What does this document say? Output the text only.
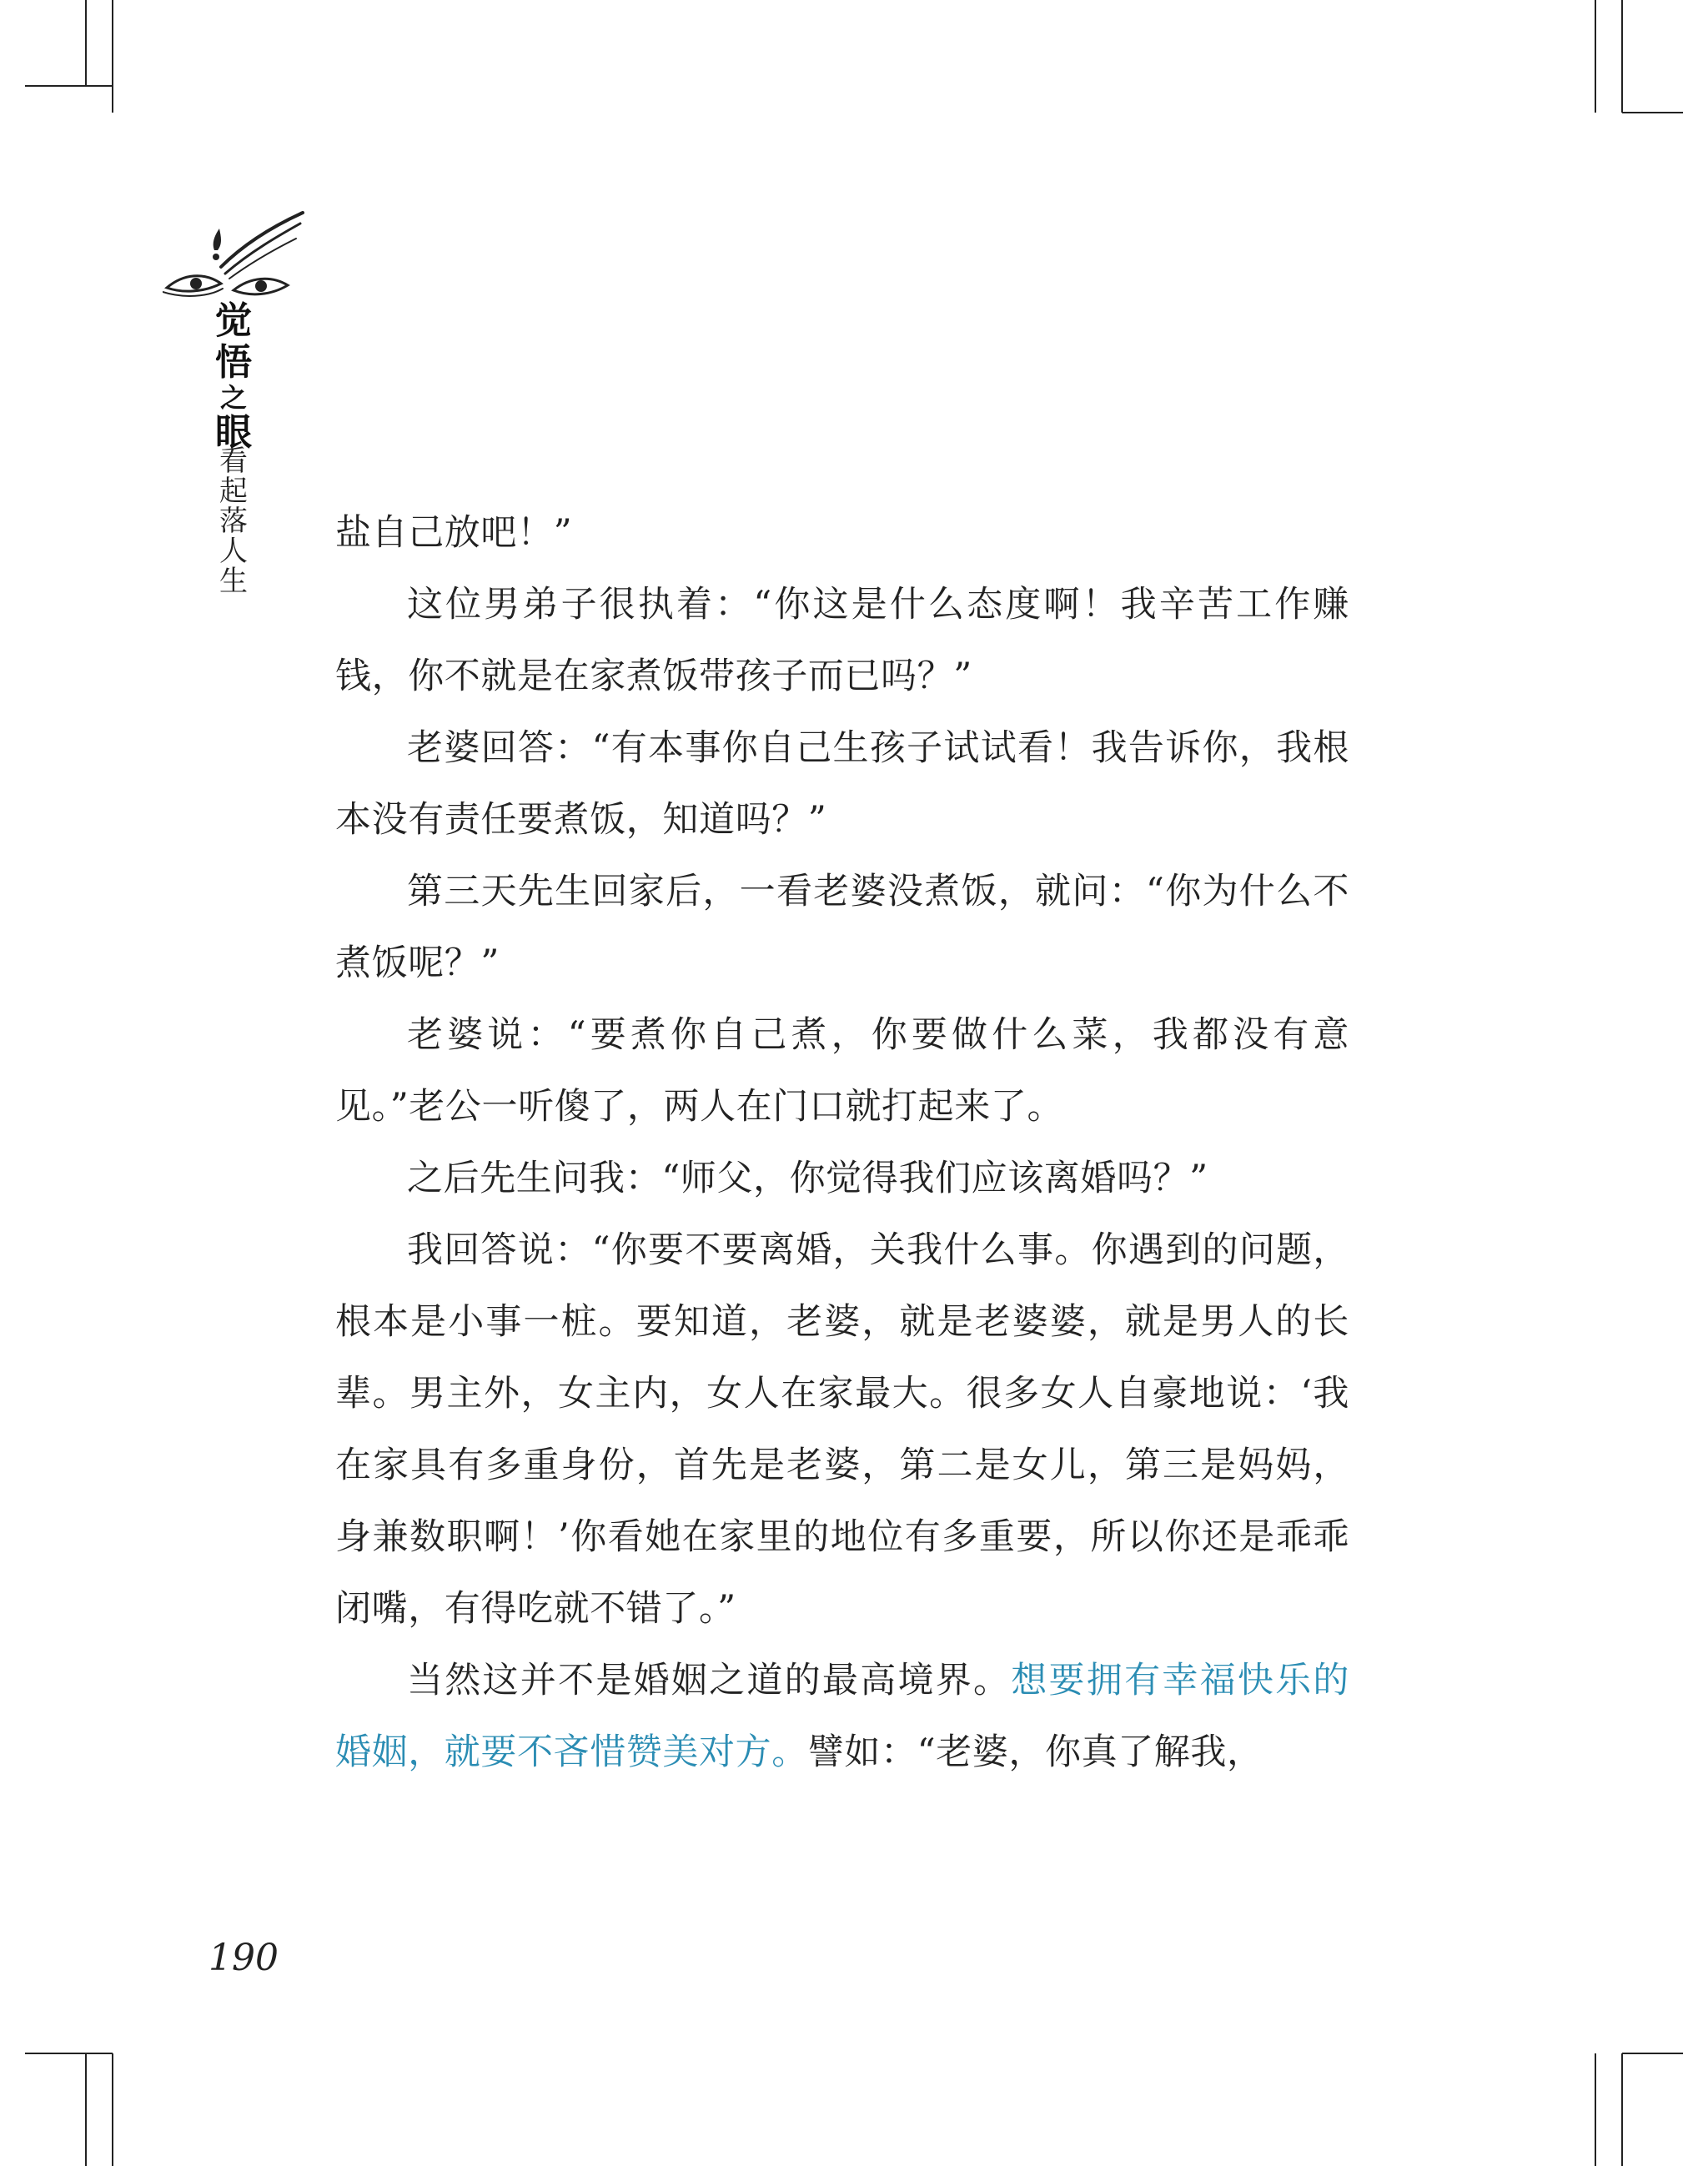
觉
悟
之
眼
看
起
落
人
生

盐自己放吧！”

这位男弟子很执着：“你这是什么态度啊！我辛苦工作赚钱，你不就是在家煮饭带孩子而已吗？”

老婆回答：“有本事你自己生孩子试试看！我告诉你，我根本没有责任要煮饭，知道吗？”

第三天先生回家后，一看老婆没煮饭，就问：“你为什么不煮饭呢？”

老婆说：“要煮你自己煮，你要做什么菜，我都没有意见。”老公一听傻了，两人在门口就打起来了。

之后先生问我：“师父，你觉得我们应该离婚吗？”

我回答说：“你要不要离婚，关我什么事。你遇到的问题，根本是小事一桩。要知道，老婆，就是老婆婆，就是男人的长辈。男主外，女主内，女人在家最大。很多女人自豪地说：‘我在家具有多重身份，首先是老婆，第二是女儿，第三是妈妈，身兼数职啊！’你看她在家里的地位有多重要，所以你还是乖乖闭嘴，有得吃就不错了。”

当然这并不是婚姻之道的最高境界。想要拥有幸福快乐的婚姻，就要不吝惜赞美对方。譬如：“老婆，你真了解我，

190
